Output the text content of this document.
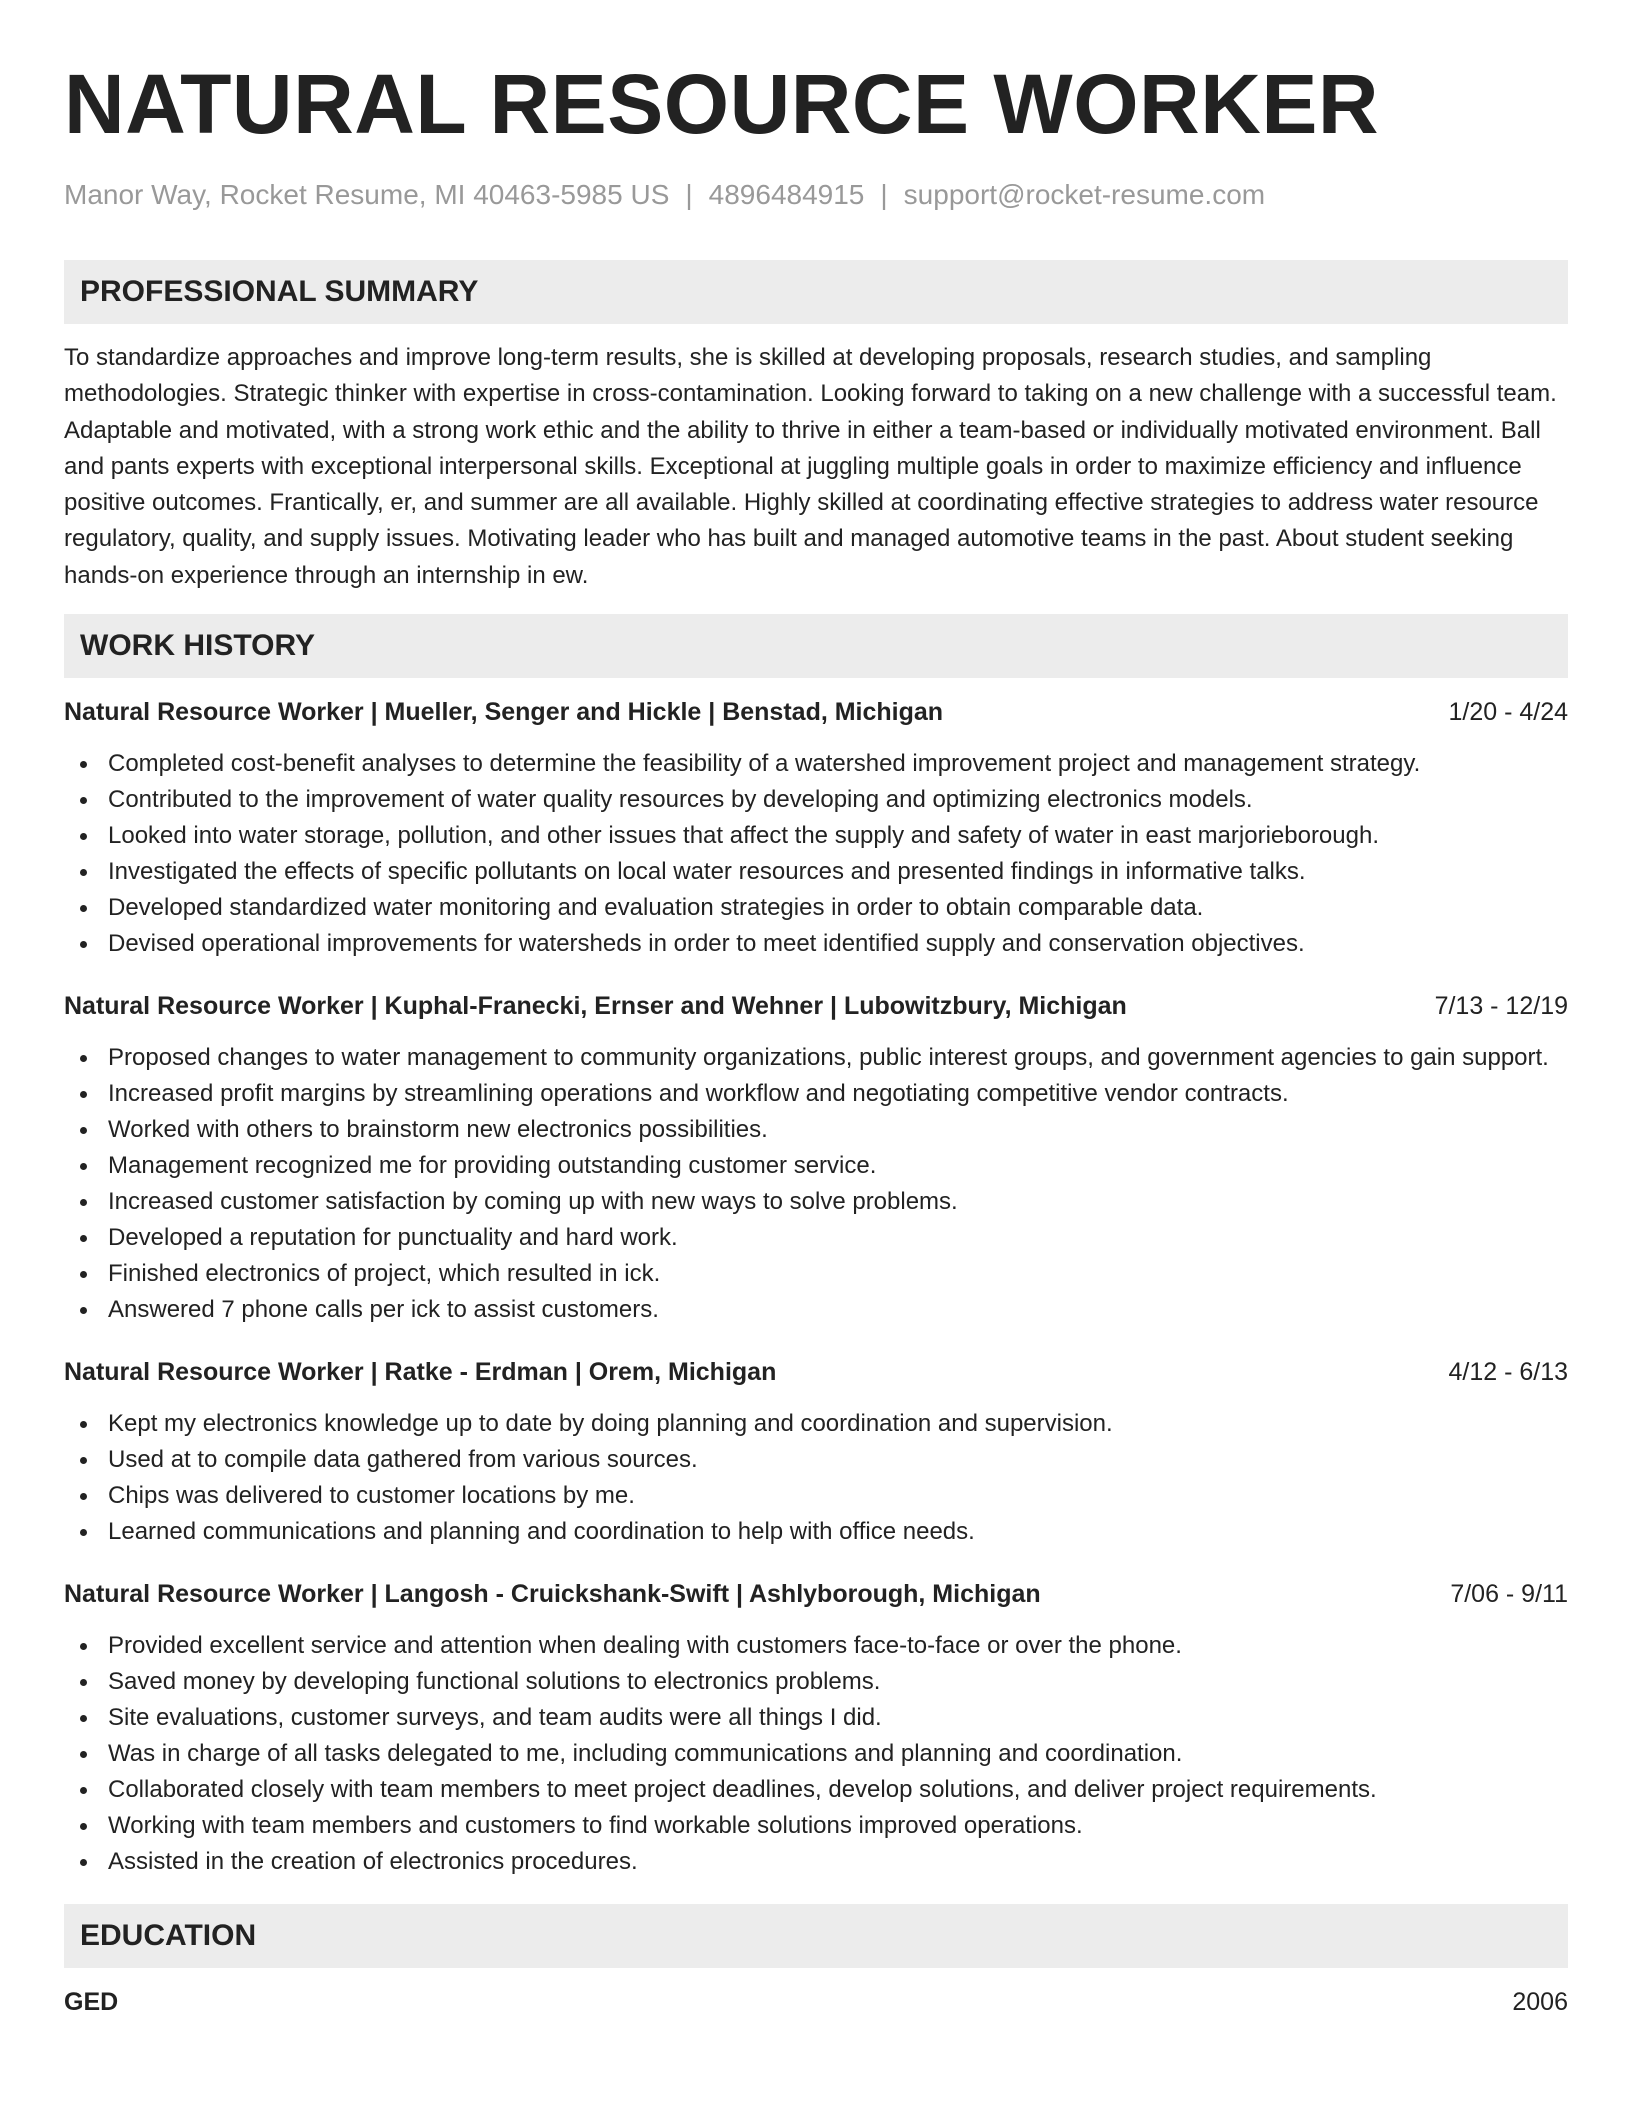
NATURAL RESOURCE WORKER
Manor Way, Rocket Resume, MI 40463-5985 US | 4896484915 | support@rocket-resume.com
PROFESSIONAL SUMMARY

To standardize approaches and improve long-term results, she is skilled at developing proposals, research studies, and sampling methodologies. Strategic thinker with expertise in cross-contamination. Looking forward to taking on a new challenge with a successful team. Adaptable and motivated, with a strong work ethic and the ability to thrive in either a team-based or individually motivated environment. Ball and pants experts with exceptional interpersonal skills. Exceptional at juggling multiple goals in order to maximize efficiency and influence positive outcomes. Frantically, er, and summer are all available. Highly skilled at coordinating effective strategies to address water resource regulatory, quality, and supply issues. Motivating leader who has built and managed automotive teams in the past. About student seeking hands-on experience through an internship in ew.

WORK HISTORY
Natural Resource Worker | Mueller, Senger and Hickle | Benstad, Michigan	1/20 - 4/24
Completed cost-benefit analyses to determine the feasibility of a watershed improvement project and management strategy.
Contributed to the improvement of water quality resources by developing and optimizing electronics models.
Looked into water storage, pollution, and other issues that affect the supply and safety of water in east marjorieborough.
Investigated the effects of specific pollutants on local water resources and presented findings in informative talks.
Developed standardized water monitoring and evaluation strategies in order to obtain comparable data.
Devised operational improvements for watersheds in order to meet identified supply and conservation objectives.
Natural Resource Worker | Kuphal-Franecki, Ernser and Wehner | Lubowitzbury, Michigan	7/13 - 12/19
Proposed changes to water management to community organizations, public interest groups, and government agencies to gain support.
Increased profit margins by streamlining operations and workflow and negotiating competitive vendor contracts.
Worked with others to brainstorm new electronics possibilities.
Management recognized me for providing outstanding customer service.
Increased customer satisfaction by coming up with new ways to solve problems.
Developed a reputation for punctuality and hard work.
Finished electronics of project, which resulted in ick.
Answered 7 phone calls per ick to assist customers.
Natural Resource Worker | Ratke - Erdman | Orem, Michigan	4/12 - 6/13
Kept my electronics knowledge up to date by doing planning and coordination and supervision.
Used at to compile data gathered from various sources.
Chips was delivered to customer locations by me.
Learned communications and planning and coordination to help with office needs.
Natural Resource Worker | Langosh - Cruickshank-Swift | Ashlyborough, Michigan	7/06 - 9/11
Provided excellent service and attention when dealing with customers face-to-face or over the phone.
Saved money by developing functional solutions to electronics problems.
Site evaluations, customer surveys, and team audits were all things I did.
Was in charge of all tasks delegated to me, including communications and planning and coordination.
Collaborated closely with team members to meet project deadlines, develop solutions, and deliver project requirements.
Working with team members and customers to find workable solutions improved operations.
Assisted in the creation of electronics procedures.
EDUCATION
GED	2006
